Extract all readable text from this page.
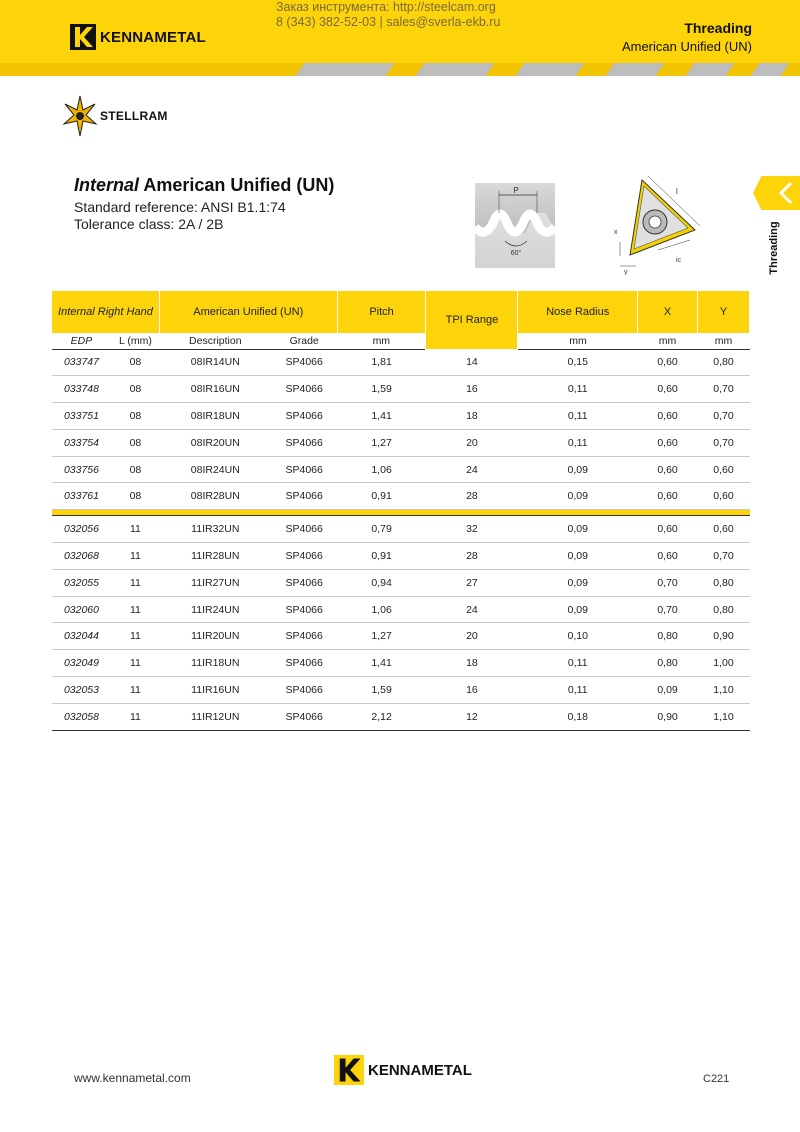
KENNAMETAL
Заказ инструмента: http://steelcam.org
8 (343) 382-52-03 | sales@sverla-ekb.ru	Threading
American Unified (UN)
STELLRAM
Threading
Internal American Unified (UN)
Standard reference: ANSI B1.1:74
Tolerance class: 2A / 2B
P
60°
l
x
y
ic
Internal Right Hand		American Unified (UN)		Pitch	TPI Range	Nose Radius	X	Y
EDP	L (mm)	Description	Grade	mm		mm	mm	mm
033747	08	08IR14UN	SP4066	1,81	14	0,15	0,60	0,80
033748	08	08IR16UN	SP4066	1,59	16	0,11	0,60	0,70
033751	08	08IR18UN	SP4066	1,41	18	0,11	0,60	0,70
033754	08	08IR20UN	SP4066	1,27	20	0,11	0,60	0,70
033756	08	08IR24UN	SP4066	1,06	24	0,09	0,60	0,60
033761	08	08IR28UN	SP4066	0,91	28	0,09	0,60	0,60

032056	11	11IR32UN	SP4066	0,79	32	0,09	0,60	0,60
032068	11	11IR28UN	SP4066	0,91	28	0,09	0,60	0,70
032055	11	11IR27UN	SP4066	0,94	27	0,09	0,70	0,80
032060	11	11IR24UN	SP4066	1,06	24	0,09	0,70	0,80
032044	11	11IR20UN	SP4066	1,27	20	0,10	0,80	0,90
032049	11	11IR18UN	SP4066	1,41	18	0,11	0,80	1,00
032053	11	11IR16UN	SP4066	1,59	16	0,11	0,09	1,10
032058	11	11IR12UN	SP4066	2,12	12	0,18	0,90	1,10
www.kennametal.com	KENNAMETAL
C221
